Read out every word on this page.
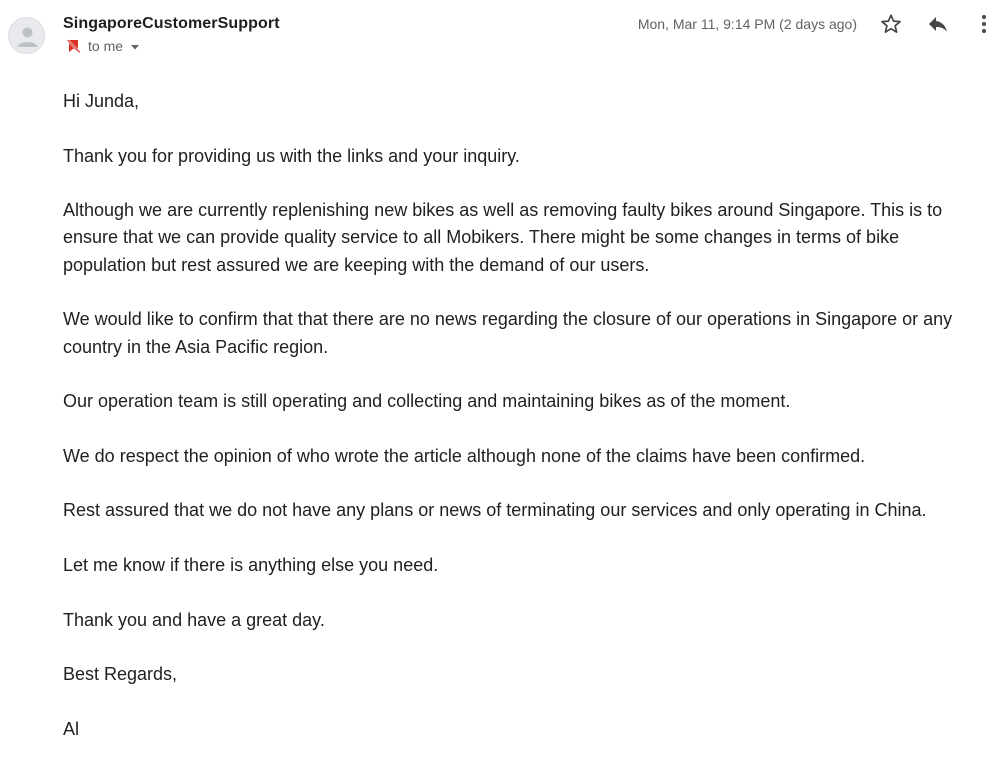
SingaporeCustomerSupport
to me
Mon, Mar 11, 9:14 PM (2 days ago)

Hi Junda,

Thank you for providing us with the links and your inquiry.

Although we are currently replenishing new bikes as well as removing faulty bikes around Singapore. This is to ensure that we can provide quality service to all Mobikers. There might be some changes in terms of bike population but rest assured we are keeping with the demand of our users.

We would like to confirm that that there are no news regarding the closure of our operations in Singapore or any country in the Asia Pacific region.

Our operation team is still operating and collecting and maintaining bikes as of the moment.

We do respect the opinion of who wrote the article although none of the claims have been confirmed.

Rest assured that we do not have any plans or news of terminating our services and only operating in China.

Let me know if there is anything else you need.

Thank you and have a great day.

Best Regards,

Al
